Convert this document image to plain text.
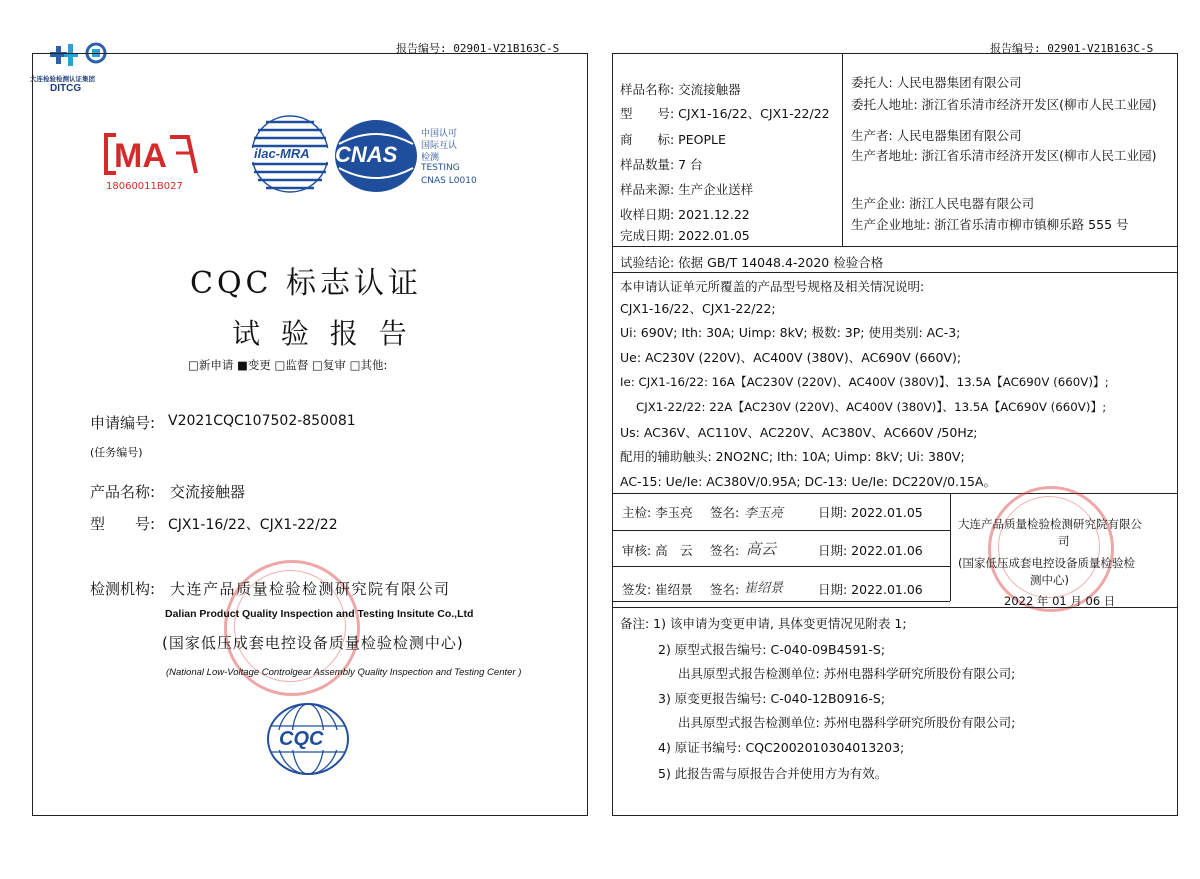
报告编号: 02901-V21B163C-S
大连检验检测认证集团
DITCG
MA
18060011B027
ilac-MRA CNAS
中国认可
国际互认
检测
TESTING
CNAS L0010
CQC 标志认证
试 验 报 告
□新申请 ■变更 □监督 □复审 □其他:
申请编号: V2021CQC107502-850081
(任务编号)
产品名称: 交流接触器
型　　号: CJX1-16/22、CJX1-22/22
检测机构: 大连产品质量检验检测研究院有限公司
Dalian Product Quality Inspection and Testing Insitute Co.,Ltd
(国家低压成套电控设备质量检验检测中心)
(National Low-Voltage Controlgear Assembly Quality Inspection and Testing Center )
CQC
报告编号: 02901-V21B163C-S
样品名称: 交流接触器
型　　号: CJX1-16/22、CJX1-22/22
商　　标: PEOPLE
样品数量: 7 台
样品来源: 生产企业送样
收样日期: 2021.12.22
完成日期: 2022.01.05
委托人: 人民电器集团有限公司
委托人地址: 浙江省乐清市经济开发区(柳市人民工业园)
生产者: 人民电器集团有限公司
生产者地址: 浙江省乐清市经济开发区(柳市人民工业园)
生产企业: 浙江人民电器有限公司
生产企业地址: 浙江省乐清市柳市镇柳乐路 555 号
试验结论: 依据 GB/T 14048.4-2020 检验合格
本申请认证单元所覆盖的产品型号规格及相关情况说明:
CJX1-16/22、CJX1-22/22;
Ui: 690V; Ith: 30A; Uimp: 8kV; 极数: 3P; 使用类别: AC-3;
Ue: AC230V (220V)、AC400V (380V)、AC690V (660V);
Ie: CJX1-16/22: 16A【AC230V (220V)、AC400V (380V)】、13.5A【AC690V (660V)】;
CJX1-22/22: 22A【AC230V (220V)、AC400V (380V)】、13.5A【AC690V (660V)】;
Us: AC36V、AC110V、AC220V、AC380V、AC660V /50Hz;
配用的辅助触头: 2NO2NC; Ith: 10A; Uimp: 8kV; Ui: 380V;
AC-15: Ue/Ie: AC380V/0.95A; DC-13: Ue/Ie: DC220V/0.15A。
主检: 李玉亮 签名: 李玉亮	日期: 2022.01.05
审核: 高　云 签名: 高云	日期: 2022.01.06
签发: 崔绍景 签名: 崔绍景	日期: 2022.01.06
大连产品质量检验检测研究院有限公
司
(国家低压成套电控设备质量检验检
测中心)
2022 年 01 月 06 日
备注: 1) 该申请为变更申请, 具体变更情况见附表 1;
2) 原型式报告编号: C-040-09B4591-S;
出具原型式报告检测单位: 苏州电器科学研究所股份有限公司;
3) 原变更报告编号: C-040-12B0916-S;
出具原型式报告检测单位: 苏州电器科学研究所股份有限公司;
4) 原证书编号: CQC2002010304013203;
5) 此报告需与原报告合并使用方为有效。
